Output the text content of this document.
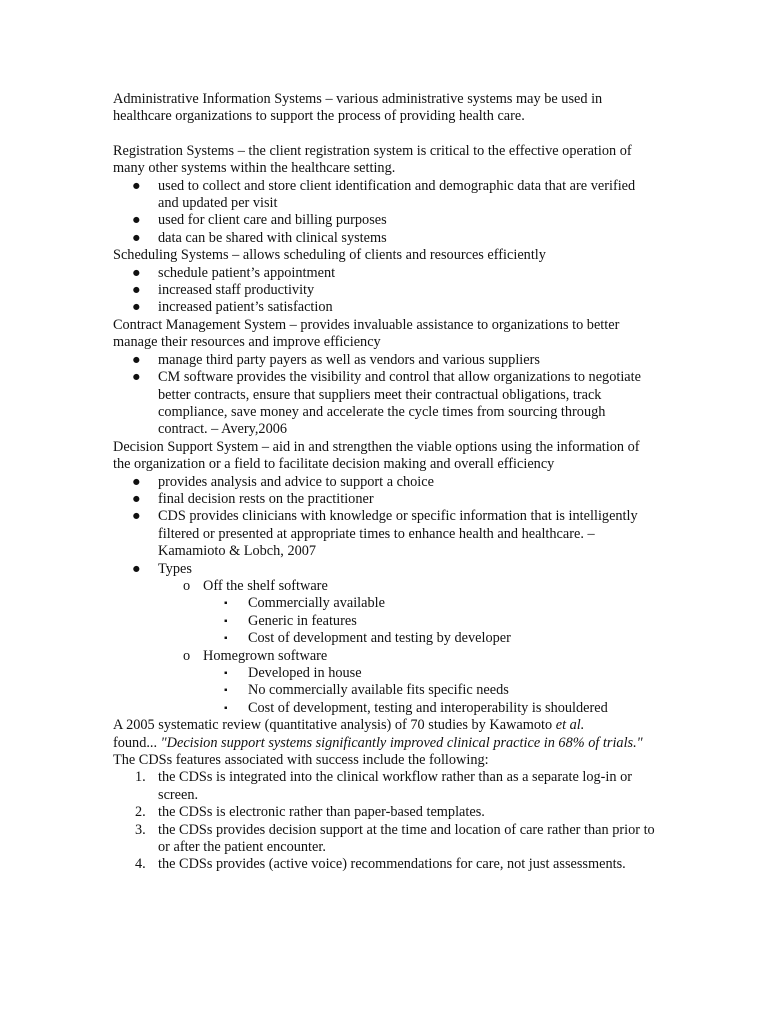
Administrative Information Systems – various administrative systems may be used in healthcare organizations to support the process of providing health care.

Registration Systems – the client registration system is critical to the effective operation of many other systems within the healthcare setting.

● used to collect and store client identification and demographic data that are verified and updated per visit
● used for client care and billing purposes
● data can be shared with clinical systems

Scheduling Systems – allows scheduling of clients and resources efficiently

● schedule patient’s appointment
● increased staff productivity
● increased patient’s satisfaction

Contract Management System – provides invaluable assistance to organizations to better manage their resources and improve efficiency

● manage third party payers as well as vendors and various suppliers
● CM software provides the visibility and control that allow organizations to negotiate better contracts, ensure that suppliers meet their contractual obligations, track compliance, save money and accelerate the cycle times from sourcing through contract. – Avery,2006

Decision Support System – aid in and strengthen the viable options using the information of the organization or a field to facilitate decision making and overall efficiency

● provides analysis and advice to support a choice
● final decision rests on the practitioner
● CDS provides clinicians with knowledge or specific information that is intelligently filtered or presented at appropriate times to enhance health and healthcare. – Kamamioto & Lobch, 2007
● Types
o Off the shelf software
▪ Commercially available
▪ Generic in features
▪ Cost of development and testing by developer
o Homegrown software
▪ Developed in house
▪ No commercially available fits specific needs
▪ Cost of development, testing and interoperability is shouldered

A 2005 systematic review (quantitative analysis) of 70 studies by Kawamoto et al.
found... "Decision support systems significantly improved clinical practice in 68% of trials." The CDSs features associated with success include the following:

1. the CDSs is integrated into the clinical workflow rather than as a separate log-in or screen.
2. the CDSs is electronic rather than paper-based templates.
3. the CDSs provides decision support at the time and location of care rather than prior to or after the patient encounter.
4. the CDSs provides (active voice) recommendations for care, not just assessments.
